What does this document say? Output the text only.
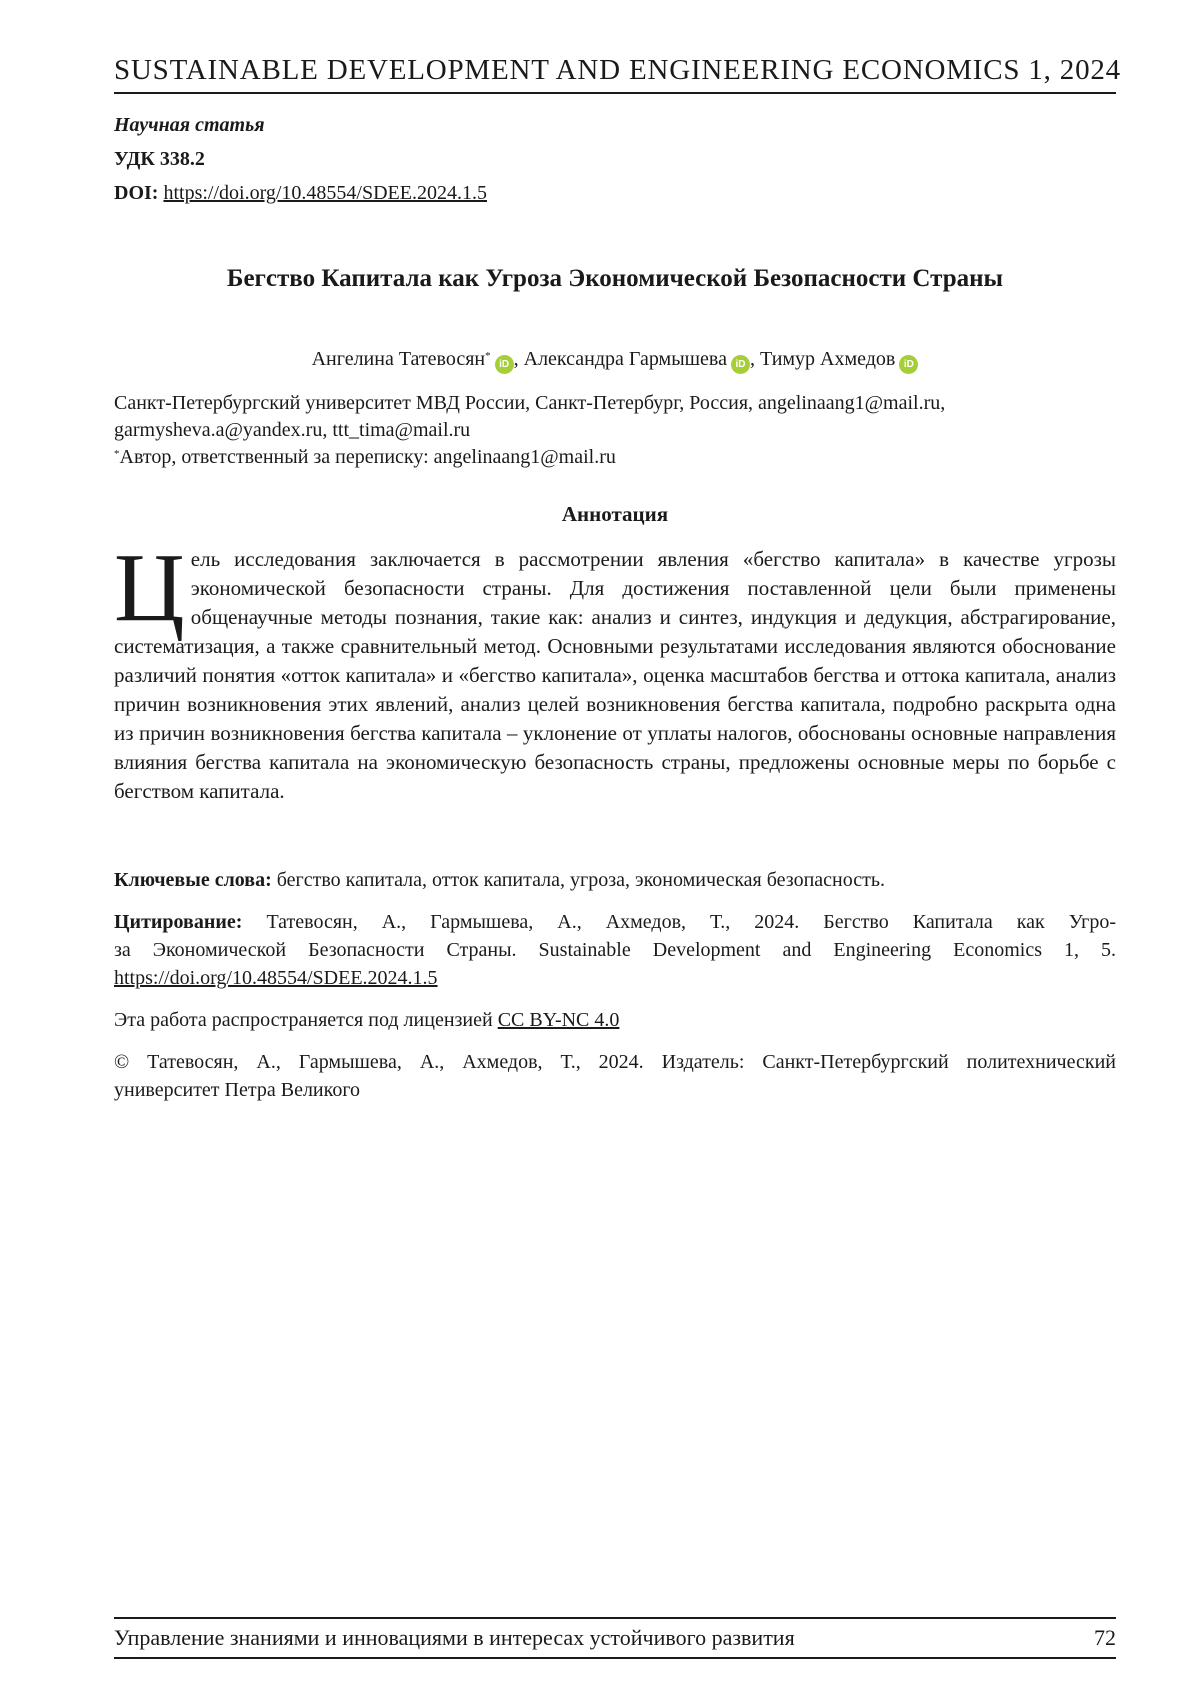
SUSTAINABLE DEVELOPMENT AND ENGINEERING ECONOMICS 1, 2024
Научная статья
УДК 338.2
DOI: https://doi.org/10.48554/SDEE.2024.1.5
Бегство Капитала как Угроза Экономической Безопасности Страны
Ангелина Татевосян*iD , Александра Гармышева iD , Тимур Ахмедов iD
Санкт-Петербургский университет МВД России, Санкт-Петербург, Россия, angelinaang1@mail.ru,
garmysheva.a@yandex.ru, ttt_tima@mail.ru
*Автор, ответственный за переписку: angelinaang1@mail.ru
Аннотация
Цель исследования заключается в рассмотрении явления «бегство капитала» в качестве угрозы экономической безопасности страны. Для достижения поставленной цели были применены общенаучные методы познания, такие как: анализ и синтез, индукция и дедукция, абстрагирование, систематизация, а также сравнительный метод. Основными результатами исследования являются обоснование различий понятия «отток капитала» и «бегство капитала», оценка масштабов бегства и оттока капитала, анализ причин возникновения этих явлений, анализ целей возникновения бегства капитала, подробно раскрыта одна из причин возникновения бегства капитала – уклонение от уплаты налогов, обоснованы основные направления влияния бегства капитала на экономическую безопасность страны, предложены основные меры по борьбе с бегством капитала.
Ключевые слова: бегство капитала, отток капитала, угроза, экономическая безопасность.
Цитирование: Татевосян, А., Гармышева, А., Ахмедов, Т., 2024. Бегство Капитала как Угро-
за Экономической Безопасности Страны. Sustainable Development and Engineering Economics 1, 5.
https://doi.org/10.48554/SDEE.2024.1.5
Эта работа распространяется под лицензией CC BY-NC 4.0
© Татевосян, А., Гармышева, А., Ахмедов, Т., 2024. Издатель: Санкт-Петербургский политехнический
университет Петра Великого
Управление знаниями и инновациями в интересах устойчивого развития	72
